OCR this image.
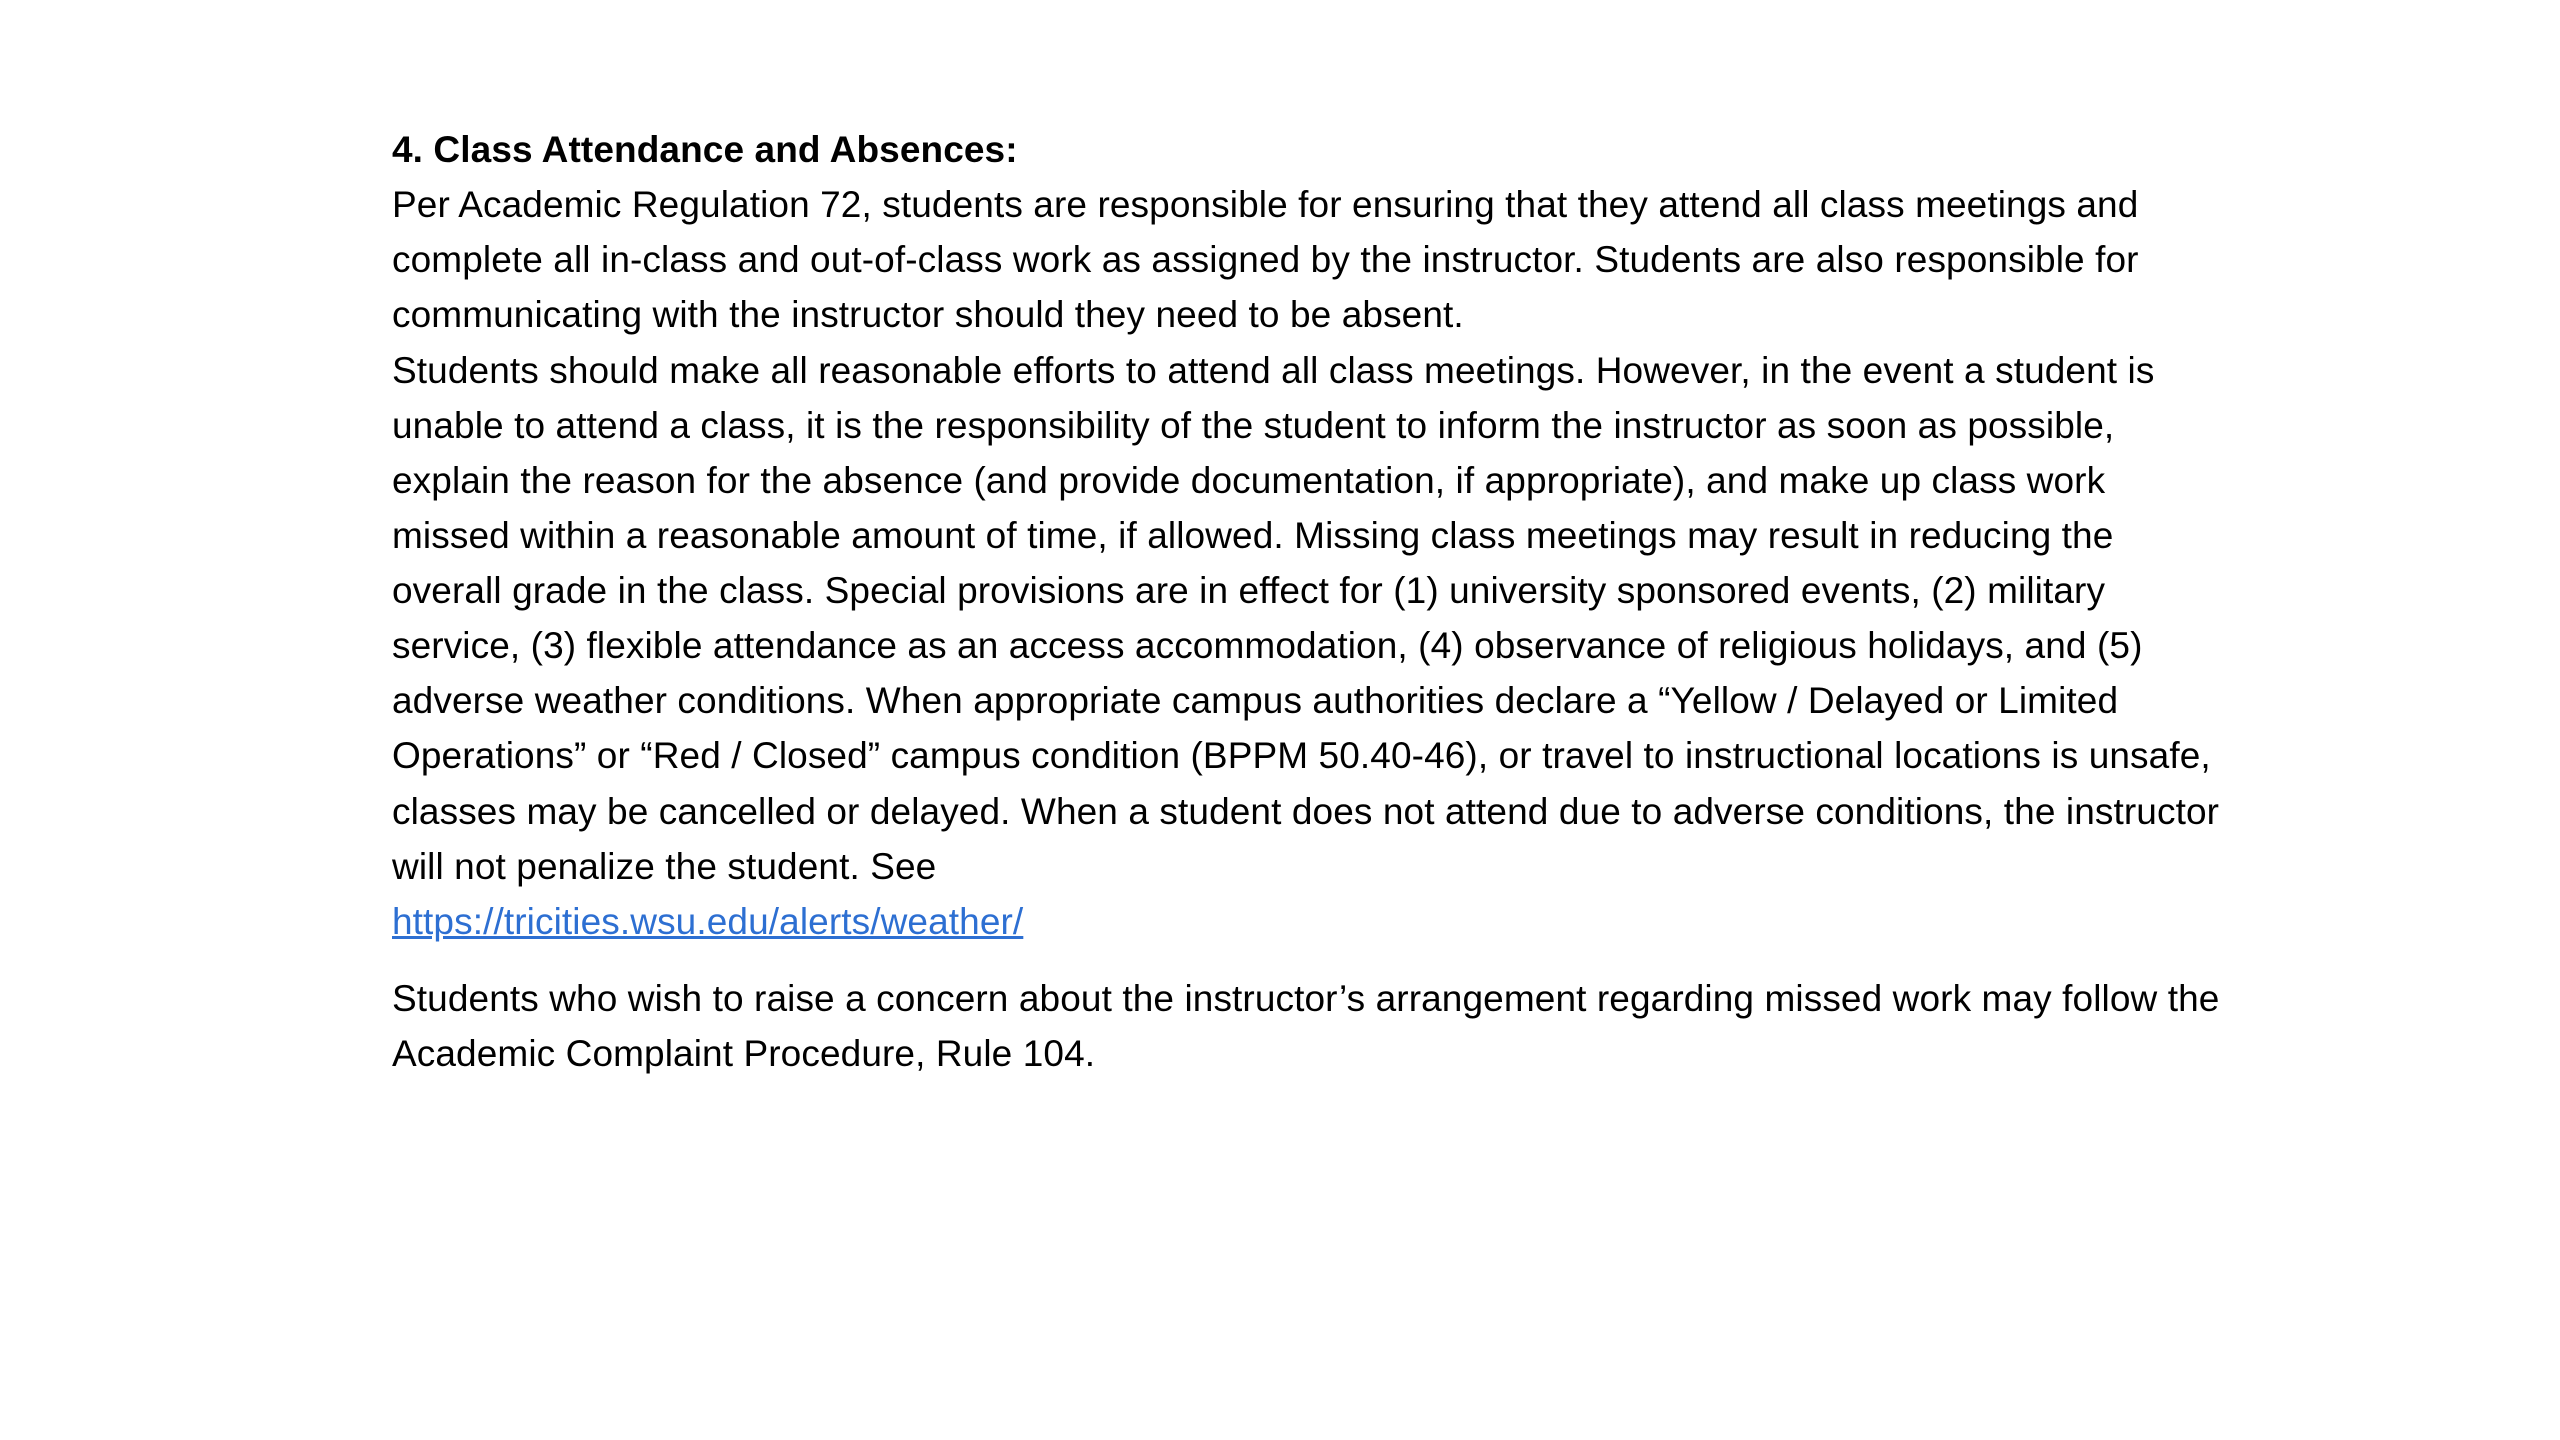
4. Class Attendance and Absences:
Per Academic Regulation 72, students are responsible for ensuring that they attend all class meetings and complete all in-class and out-of-class work as assigned by the instructor. Students are also responsible for communicating with the instructor should they need to be absent.
Students should make all reasonable efforts to attend all class meetings. However, in the event a student is unable to attend a class, it is the responsibility of the student to inform the instructor as soon as possible, explain the reason for the absence (and provide documentation, if appropriate), and make up class work missed within a reasonable amount of time, if allowed. Missing class meetings may result in reducing the overall grade in the class. Special provisions are in effect for (1) university sponsored events, (2) military service, (3) flexible attendance as an access accommodation, (4) observance of religious holidays, and (5) adverse weather conditions. When appropriate campus authorities declare a “Yellow / Delayed or Limited Operations” or “Red / Closed” campus condition (BPPM 50.40-46), or travel to instructional locations is unsafe, classes may be cancelled or delayed. When a student does not attend due to adverse conditions, the instructor will not penalize the student. See
https://tricities.wsu.edu/alerts/weather/
Students who wish to raise a concern about the instructor’s arrangement regarding missed work may follow the Academic Complaint Procedure, Rule 104.
